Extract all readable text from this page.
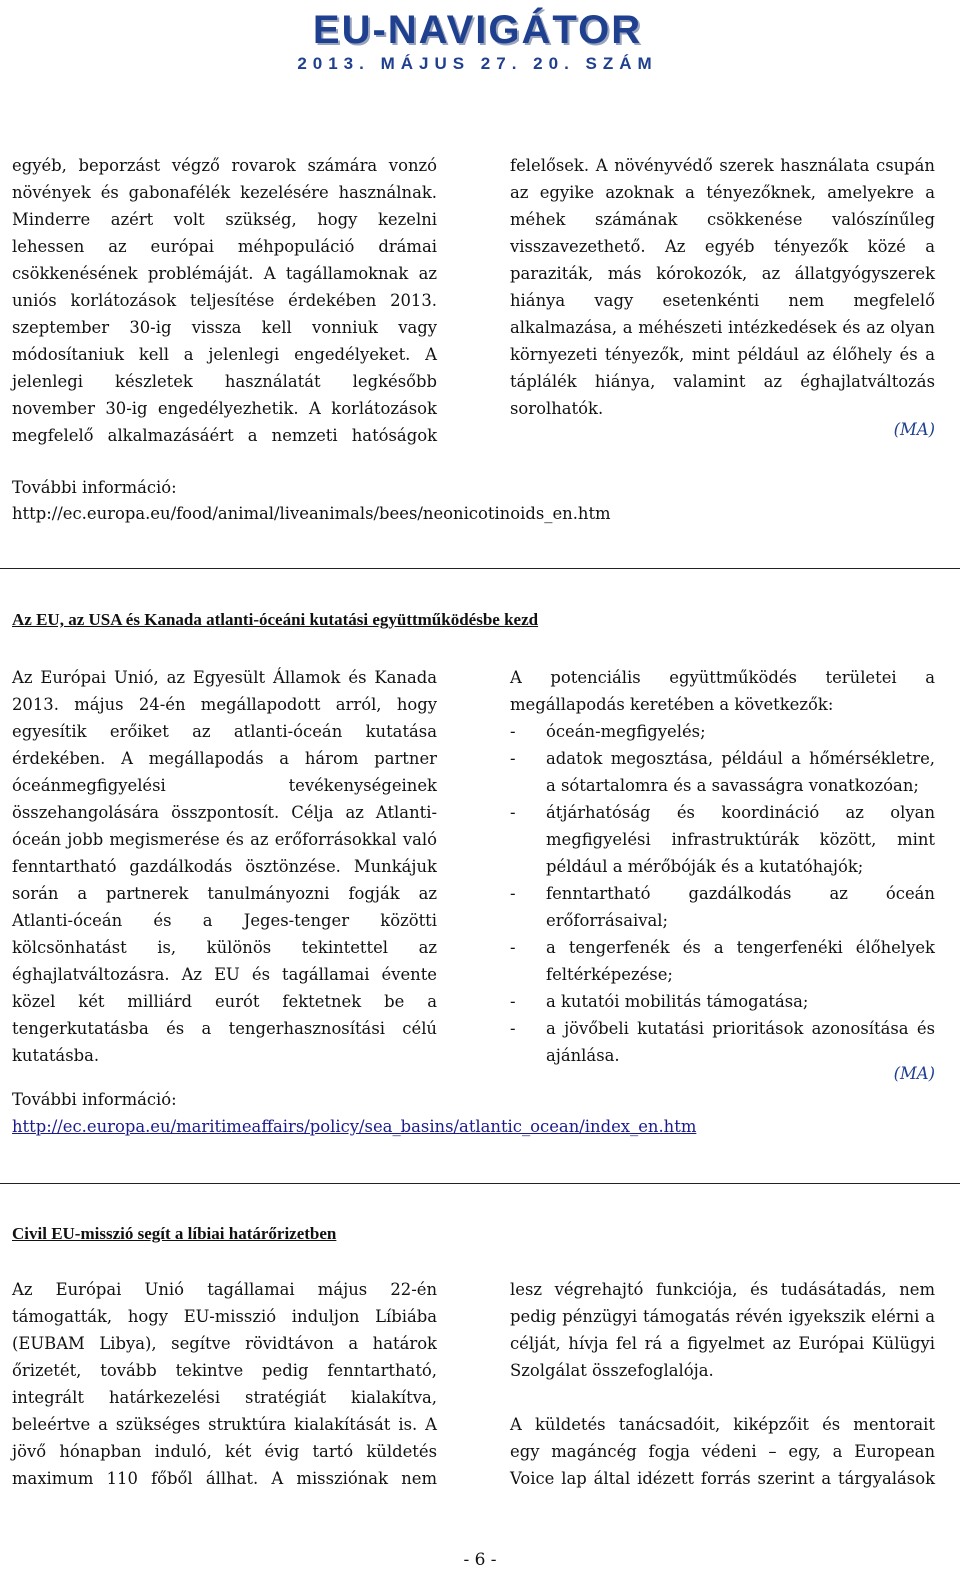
EU-NAVIGÁTOR
2013. MÁJUS 27. 20. SZÁM
egyéb, beporzást végző rovarok számára vonzó
növények és gabonafélék kezelésére használnak.
Minderre azért volt szükség, hogy kezelni
lehessen az európai méhpopuláció drámai
csökkenésének problémáját. A tagállamoknak az
uniós korlátozások teljesítése érdekében 2013.
szeptember 30-ig vissza kell vonniuk vagy
módosítaniuk kell a jelenlegi engedélyeket. A
jelenlegi készletek használatát legkésőbb
november 30-ig engedélyezhetik. A korlátozások
megfelelő alkalmazásáért a nemzeti hatóságok
felelősek. A növényvédő szerek használata csupán
az egyike azoknak a tényezőknek, amelyekre a
méhek számának csökkenése valószínűleg
visszavezethető. Az egyéb tényezők közé a
paraziták, más kórokozók, az állatgyógyszerek
hiánya vagy esetenkénti nem megfelelő
alkalmazása, a méhészeti intézkedések és az olyan
környezeti tényezők, mint például az élőhely és a
táplálék hiánya, valamint az éghajlatváltozás
sorolhatók.
(MA)
További információ:
http://ec.europa.eu/food/animal/liveanimals/bees/neonicotinoids_en.htm
Az EU, az USA és Kanada atlanti-óceáni kutatási együttműködésbe kezd
Az Európai Unió, az Egyesült Államok és Kanada
2013. május 24-én megállapodott arról, hogy
egyesítik erőiket az atlanti-óceán kutatása
érdekében. A megállapodás a három partner
óceánmegfigyelési tevékenységeinek
összehangolására összpontosít. Célja az Atlanti-
óceán jobb megismerése és az erőforrásokkal való
fenntartható gazdálkodás ösztönzése. Munkájuk
során a partnerek tanulmányozni fogják az
Atlanti-óceán és a Jeges-tenger közötti
kölcsönhatást is, különös tekintettel az
éghajlatváltozásra. Az EU és tagállamai évente
közel két milliárd eurót fektetnek be a
tengerkutatásba és a tengerhasznosítási célú
kutatásba.
A potenciális együttműködés területei a
megállapodás keretében a következők:
-	óceán-megfigyelés;
-	adatok megosztása, például a hőmérsékletre,
a sótartalomra és a savasságra vonatkozóan;
-	átjárhatóság és koordináció az olyan
megfigyelési infrastruktúrák között, mint
például a mérőbóják és a kutatóhajók;
-	fenntartható gazdálkodás az óceán
erőforrásaival;
-	a tengerfenék és a tengerfenéki élőhelyek
feltérképezése;
-	a kutatói mobilitás támogatása;
-	a jövőbeli kutatási prioritások azonosítása és
ajánlása.
(MA)
További információ:
http://ec.europa.eu/maritimeaffairs/policy/sea_basins/atlantic_ocean/index_en.htm
Civil EU-misszió segít a líbiai határőrizetben
Az Európai Unió tagállamai május 22-én
támogatták, hogy EU-misszió induljon Líbiába
(EUBAM Libya), segítve rövidtávon a határok
őrizetét, tovább tekintve pedig fenntartható,
integrált határkezelési stratégiát kialakítva,
beleértve a szükséges struktúra kialakítását is. A
jövő hónapban induló, két évig tartó küldetés
maximum 110 főből állhat. A missziónak nem
lesz végrehajtó funkciója, és tudásátadás, nem
pedig pénzügyi támogatás révén igyekszik elérni a
célját, hívja fel rá a figyelmet az Európai Külügyi
Szolgálat összefoglalója.
A küldetés tanácsadóit, kiképzőit és mentorait
egy magáncég fogja védeni – egy, a European
Voice lap által idézett forrás szerint a tárgyalások
- 6 -
